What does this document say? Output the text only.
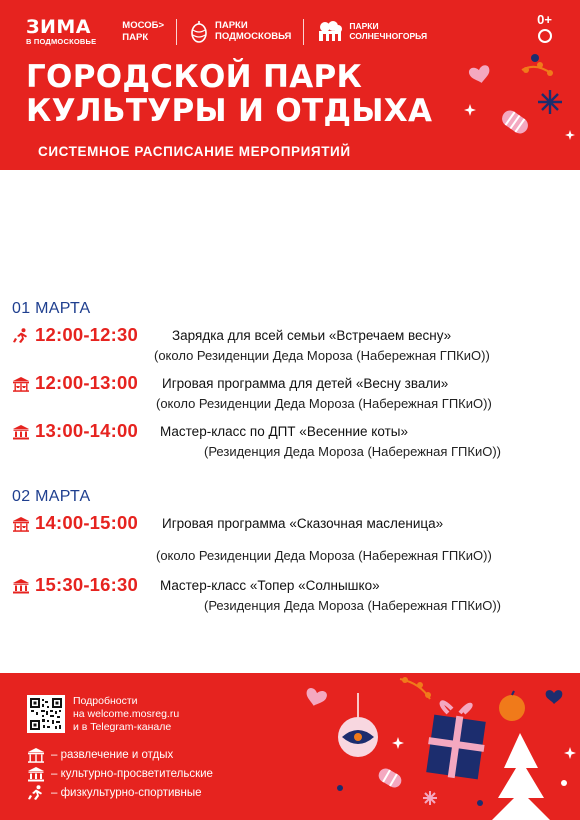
ЗИМА
В ПОДМОСКОВЬЕ
МОСОБ>
ПАРК
ПАРКИ
ПОДМОСКОВЬЯ
ПАРКИ
СОЛНЕЧНОГОРЬЯ
0+
ГОРОДСКОЙ ПАРК
КУЛЬТУРЫ И ОТДЫХА
СИСТЕМНОЕ РАСПИСАНИЕ МЕРОПРИЯТИЙ
01 МАРТА
12:00-12:30	Зарядка для всей семьи «Встречаем весну»
(около Резиденции Деда Мороза (Набережная ГПКиО))
12:00-13:00 Игровая программа для детей «Весну звали»
(около Резиденции Деда Мороза (Набережная ГПКиО))
13:00-14:00 Мастер-класс по ДПТ «Весенние коты»
(Резиденция Деда Мороза (Набережная ГПКиО))
02 МАРТА
14:00-15:00 Игровая программа «Сказочная масленица»
(около Резиденции Деда Мороза (Набережная ГПКиО))
15:30-16:30 Мастер-класс «Топер «Солнышко»
(Резиденция Деда Мороза (Набережная ГПКиО))
Подробности
на welcome.mosreg.ru
и в Telegram-канале
– развлечение и отдых
– культурно-просветительские
– физкультурно-спортивные
